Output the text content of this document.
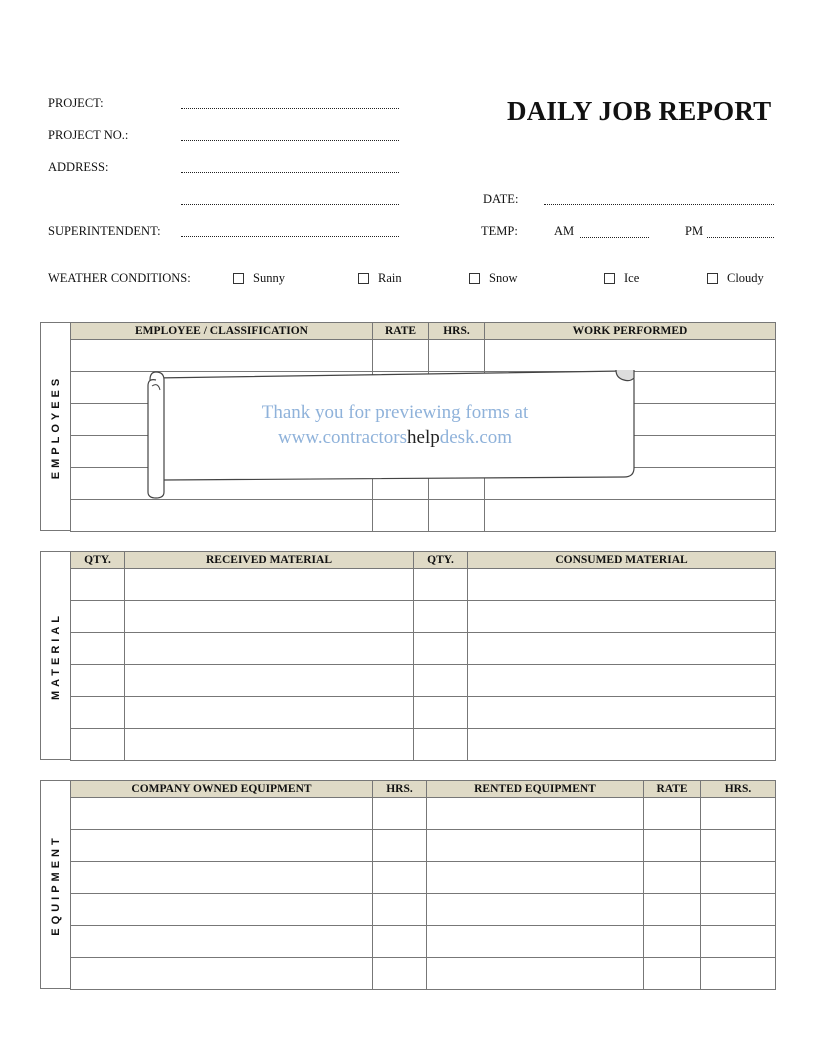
DAILY JOB REPORT
PROJECT:
PROJECT NO.:
ADDRESS:
SUPERINTENDENT:
DATE:
TEMP:	AM	PM
WEATHER CONDITIONS:	Sunny	Rain	Snow	Ice	Cloudy
EMPLOYEES
EMPLOYEE / CLASSIFICATION	RATE	HRS.	WORK PERFORMED

Thank you for previewing forms at
www.contractorshelpdesk.com
MATERIAL
QTY.	RECEIVED MATERIAL	QTY.	CONSUMED MATERIAL

EQUIPMENT
COMPANY OWNED EQUIPMENT	HRS.	RENTED EQUIPMENT	RATE	HRS.
